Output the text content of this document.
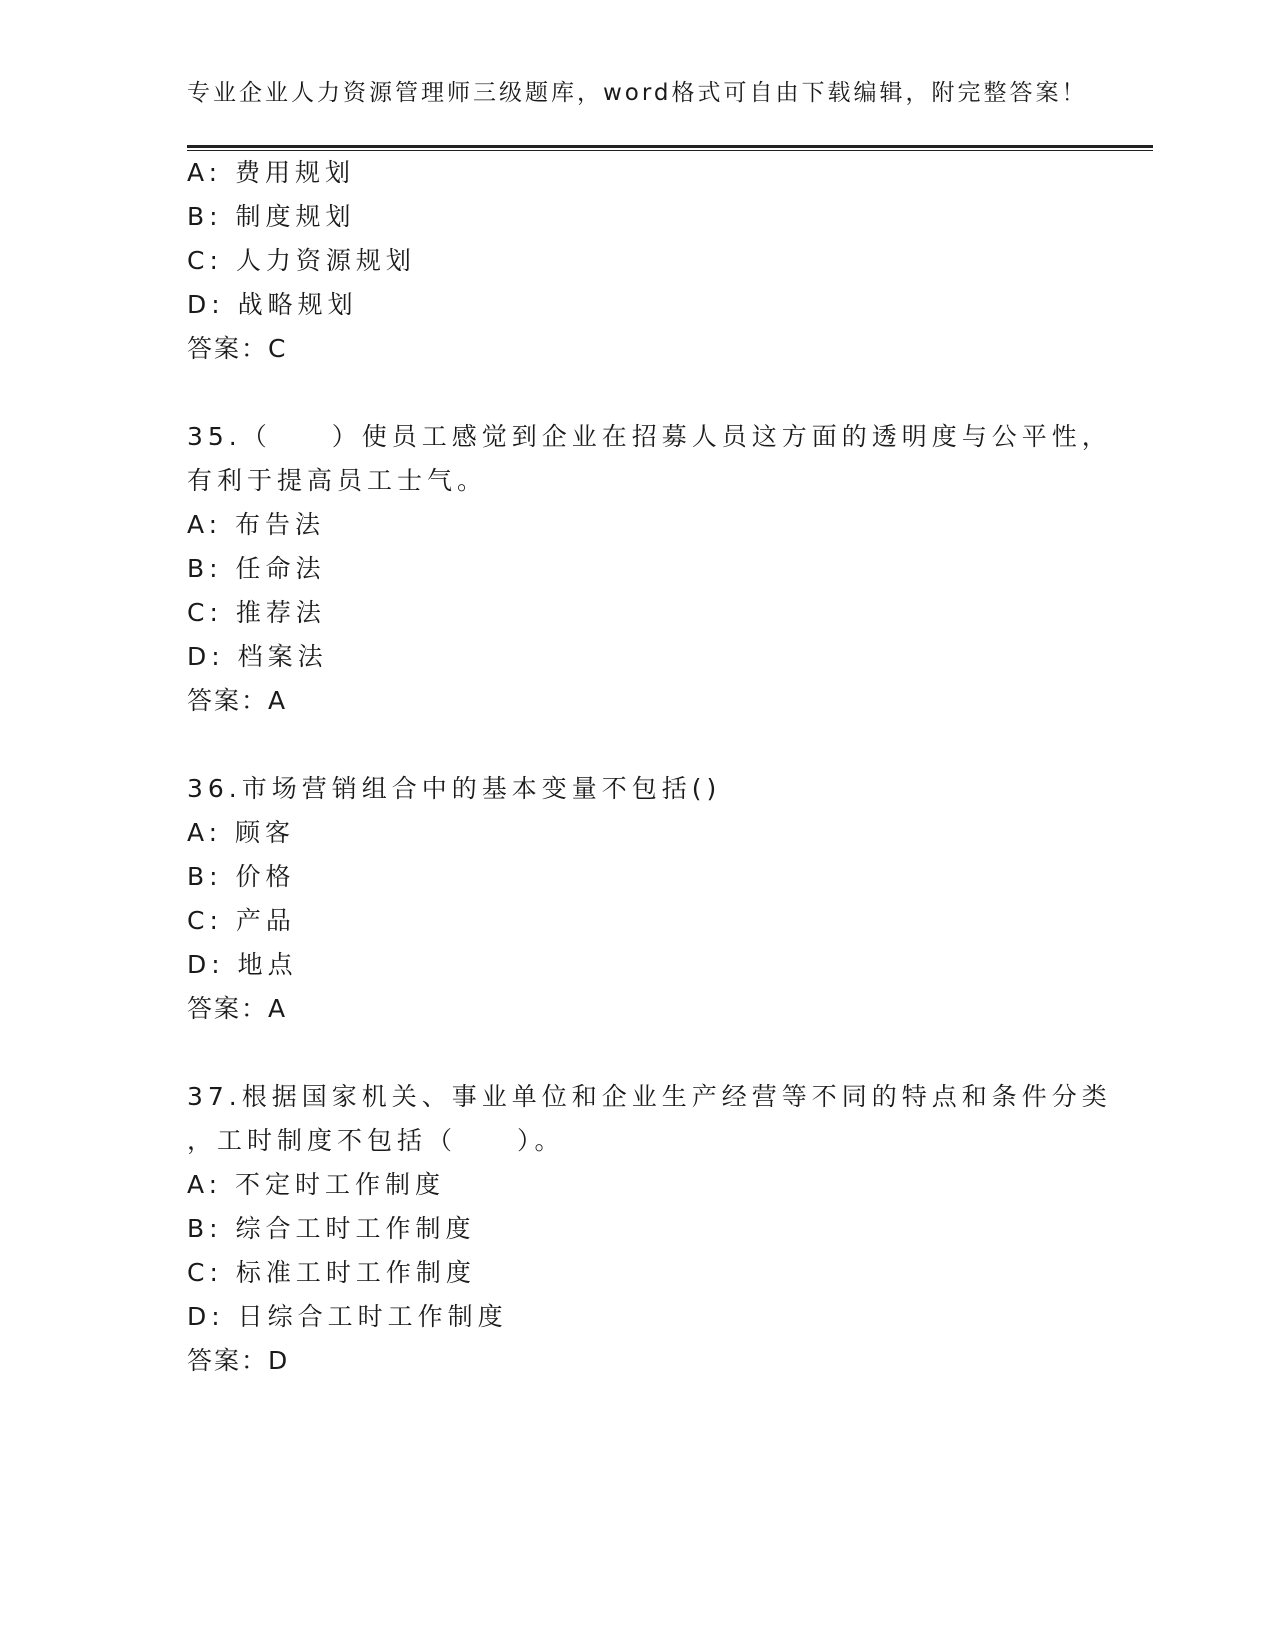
专业企业人力资源管理师三级题库，word格式可自由下载编辑，附完整答案！
A: 费用规划
B: 制度规划
C: 人力资源规划
D: 战略规划
答案：C
35.（　　）使员工感觉到企业在招募人员这方面的透明度与公平性，
有利于提高员工士气。
A: 布告法
B: 任命法
C: 推荐法
D: 档案法
答案：A
36.市场营销组合中的基本变量不包括()
A: 顾客
B: 价格
C: 产品
D: 地点
答案：A
37.根据国家机关、事业单位和企业生产经营等不同的特点和条件分类
，工时制度不包括（　　）。
A: 不定时工作制度
B: 综合工时工作制度
C: 标准工时工作制度
D: 日综合工时工作制度
答案：D
